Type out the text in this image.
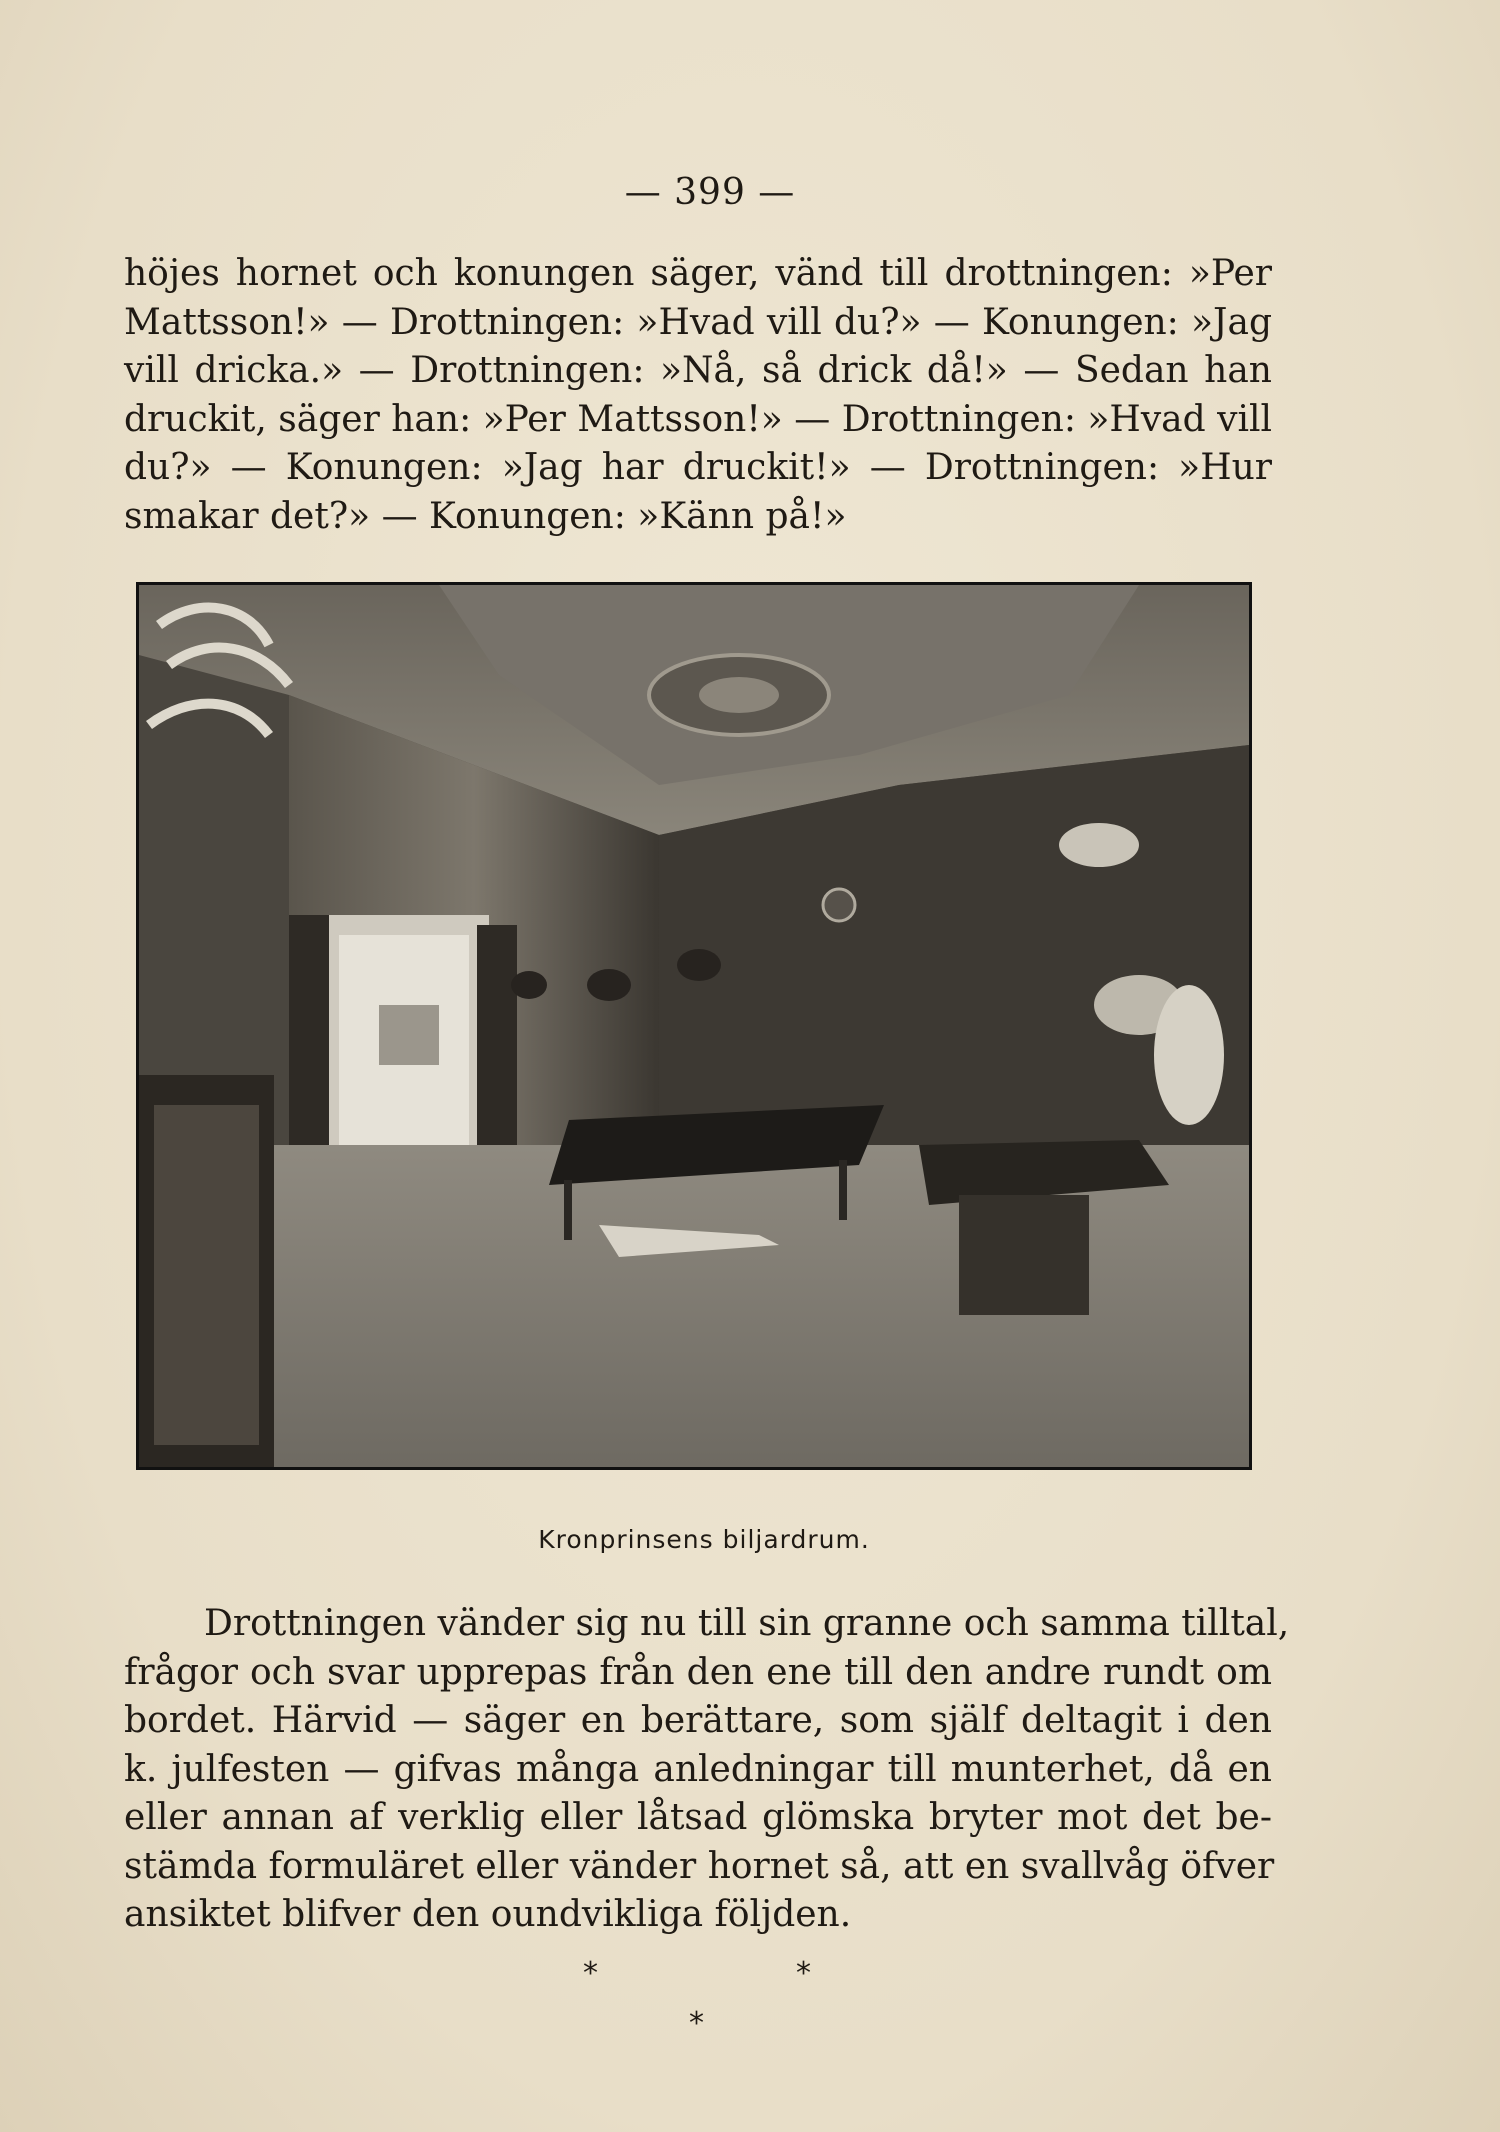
— 399 —
höjes hornet och konungen säger, vänd till drottningen: »Per
Mattsson!» — Drottningen: »Hvad vill du?» — Konungen: »Jag
vill dricka.» — Drottningen: »Nå, så drick då!» — Sedan han
druckit, säger han: »Per Mattsson!» — Drottningen: »Hvad vill
du?» — Konungen: »Jag har druckit!» — Drottningen: »Hur
smakar det?» — Konungen: »Känn på!»
Kronprinsens biljardrum.
Drottningen vänder sig nu till sin granne och samma tilltal,
frågor och svar upprepas från den ene till den andre rundt om
bordet. Härvid — säger en berättare, som själf deltagit i den
k. julfesten — gifvas många anledningar till munterhet, då en
eller annan af verklig eller låtsad glömska bryter mot det be-
stämda formuläret eller vänder hornet så, att en svallvåg öfver
ansiktet blifver den oundvikliga följden.
*	*
*
